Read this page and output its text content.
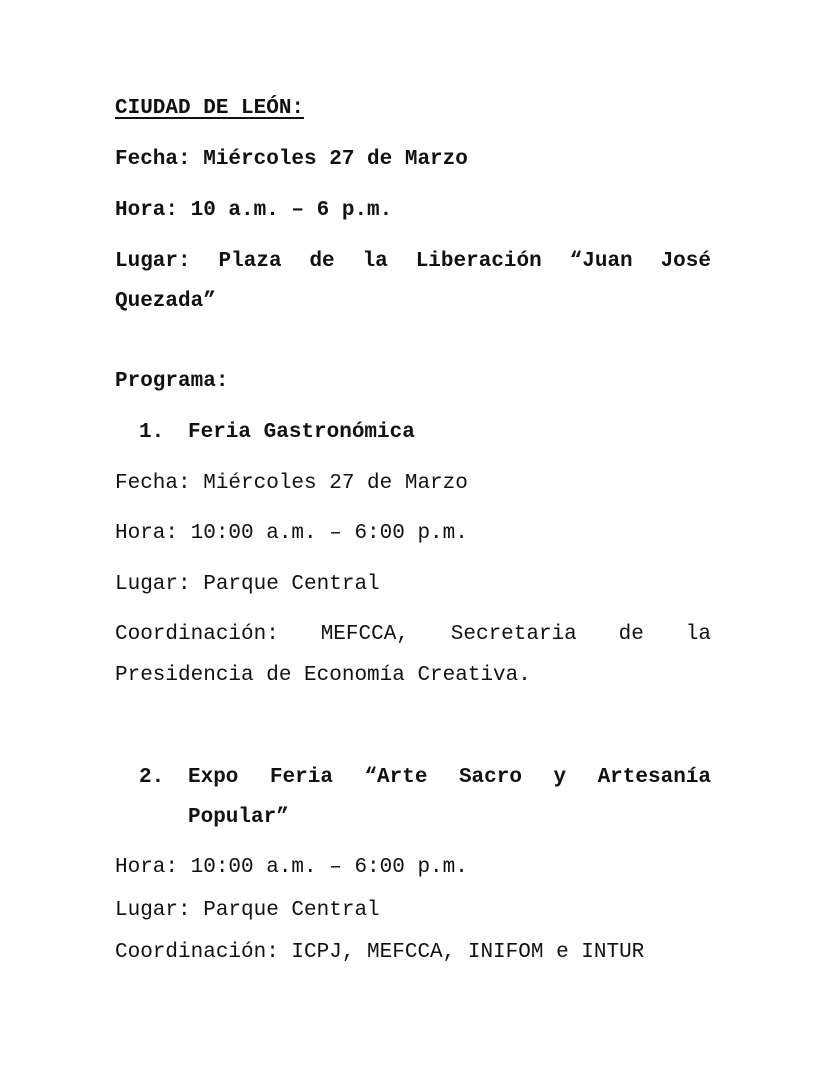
CIUDAD DE LEÓN:
Fecha: Miércoles 27 de Marzo
Hora: 10 a.m. – 6 p.m.
Lugar: Plaza de la Liberación “Juan José
Quezada”
Programa:
1. Feria Gastronómica
Fecha: Miércoles 27 de Marzo
Hora: 10:00 a.m. – 6:00 p.m.
Lugar: Parque Central
Coordinación: MEFCCA, Secretaria de la
Presidencia de Economía Creativa.
2. Expo Feria “Arte Sacro y Artesanía
Popular”
Hora: 10:00 a.m. – 6:00 p.m.
Lugar: Parque Central
Coordinación: ICPJ, MEFCCA, INIFOM e INTUR
